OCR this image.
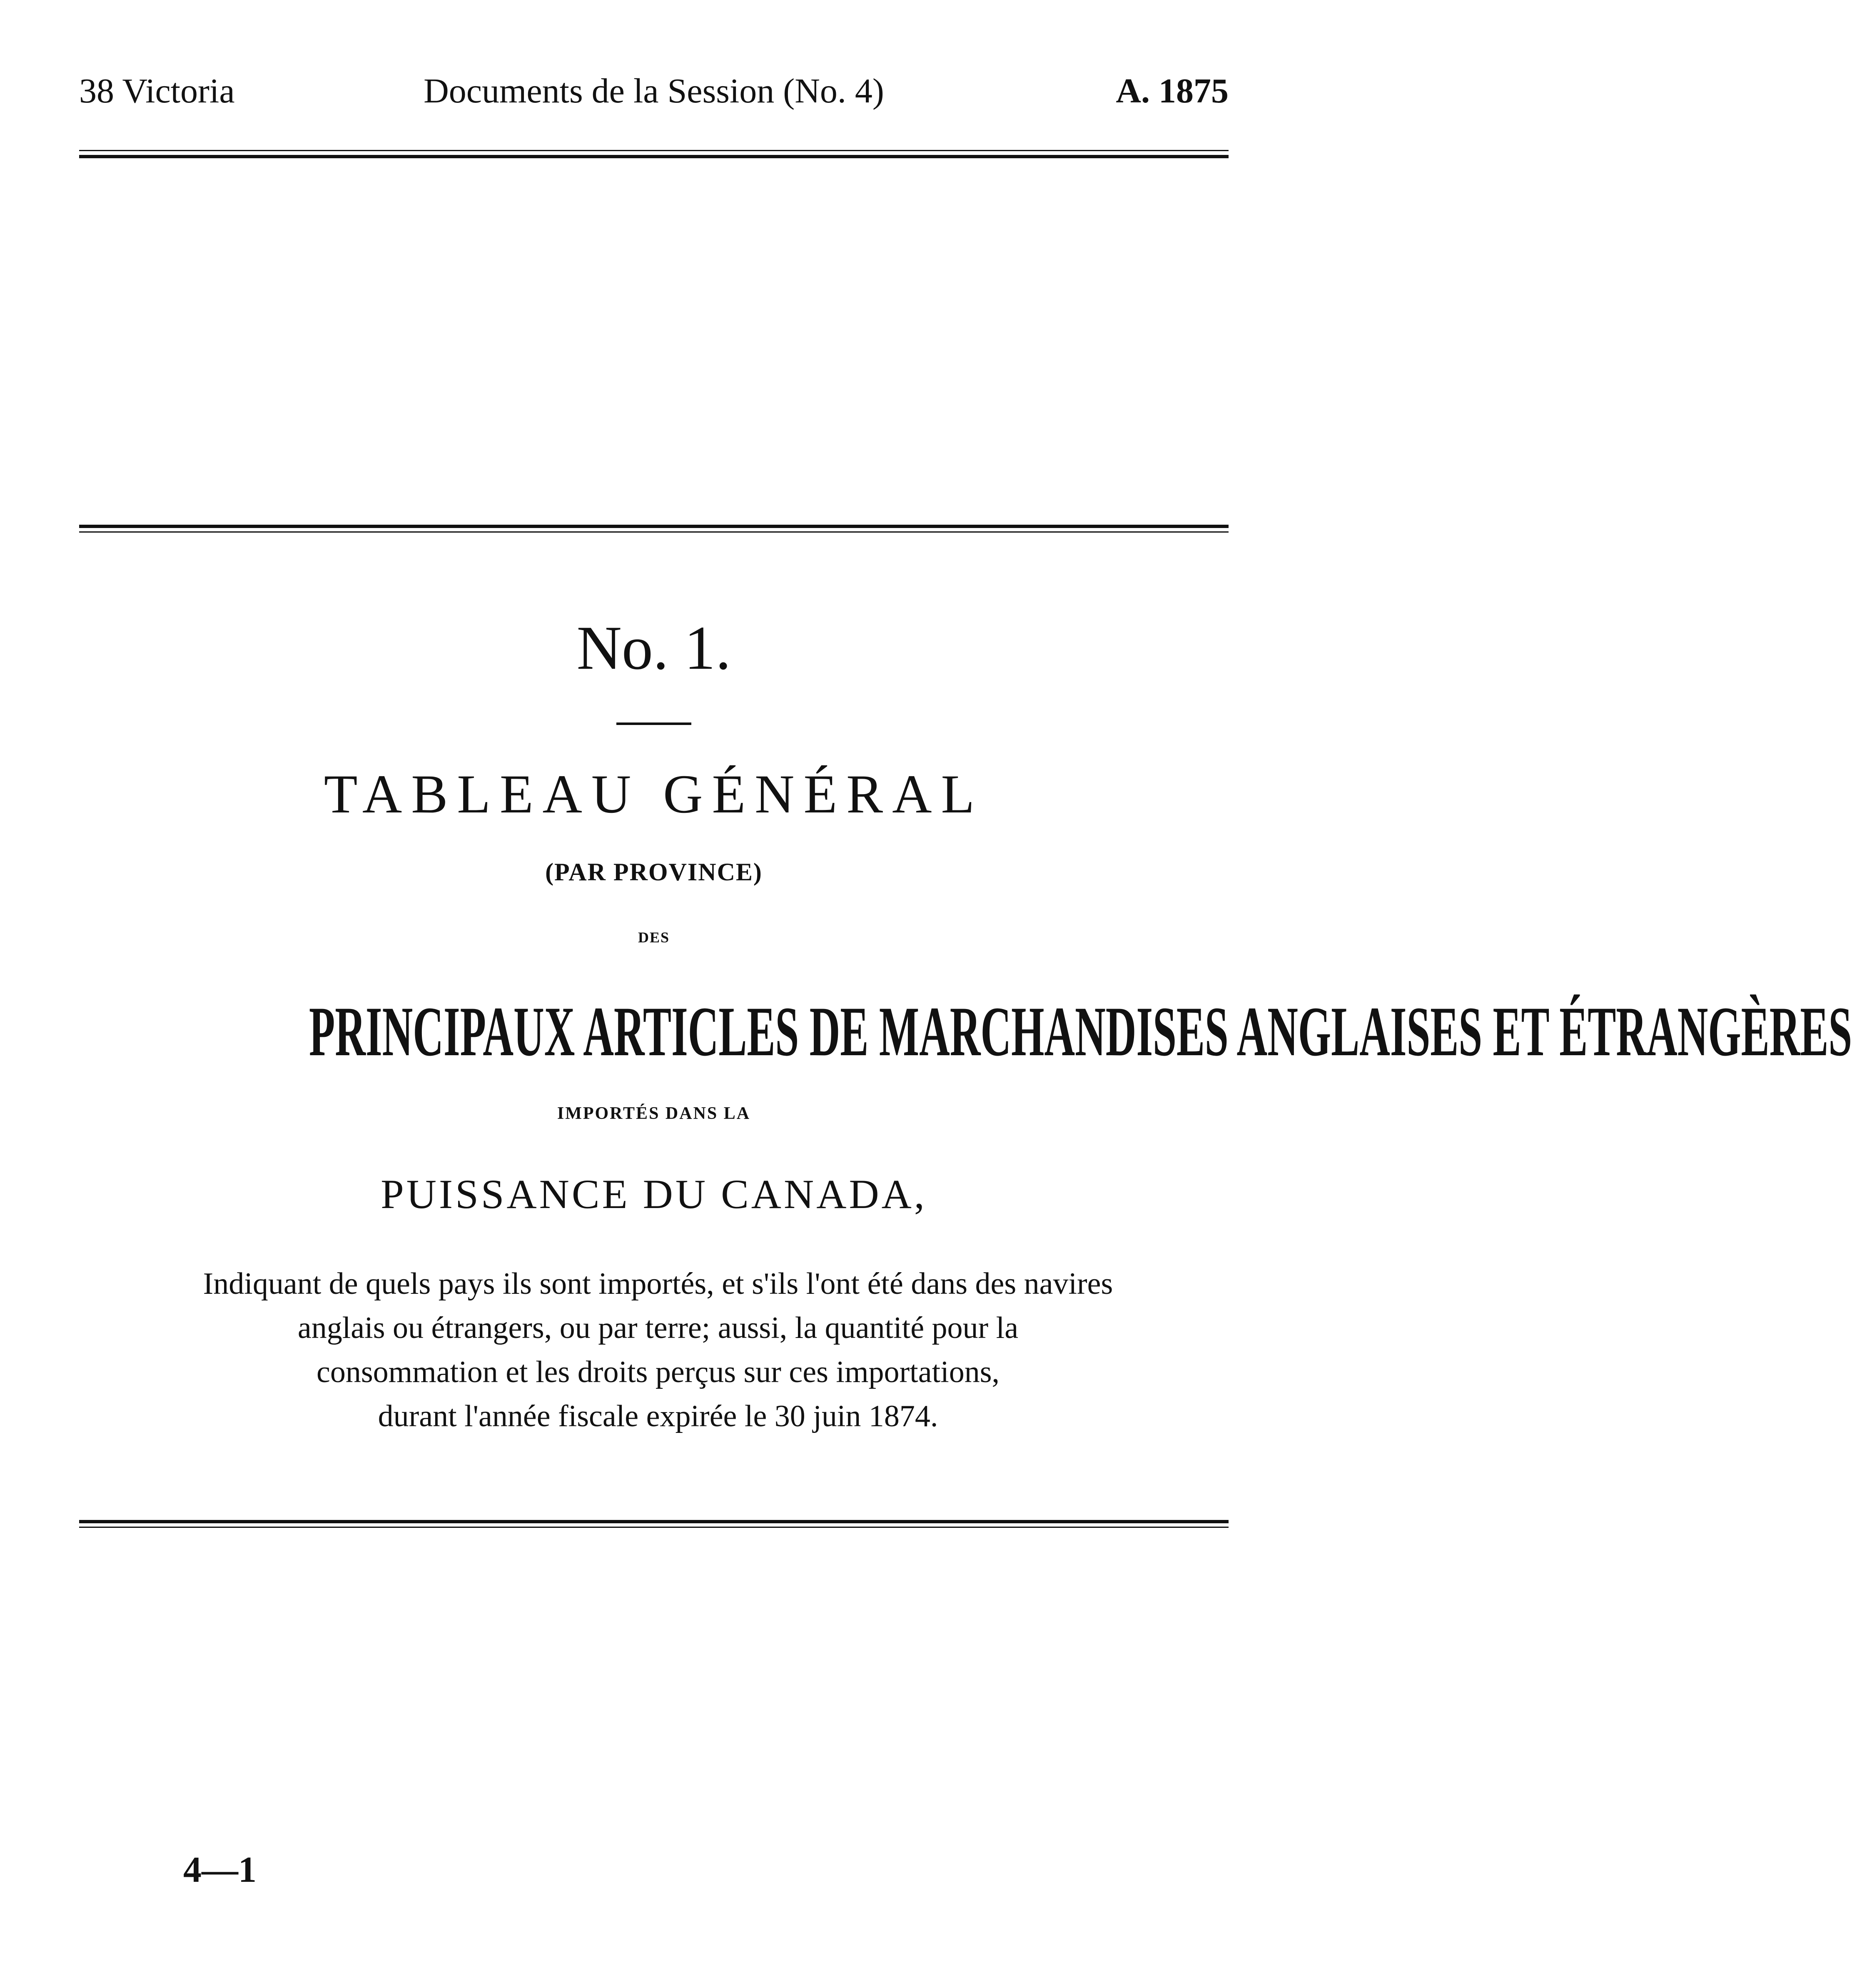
38 Victoria	Documents de la Session (No. 4)	A. 1875
No. 1.
TABLEAU GÉNÉRAL
(PAR PROVINCE)
DES
PRINCIPAUX ARTICLES DE MARCHANDISES ANGLAISES ET ÉTRANGÈRES
IMPORTÉS DANS LA
PUISSANCE DU CANADA,
Indiquant de quels pays ils sont importés, et s'ils l'ont été dans des navires
anglais ou étrangers, ou par terre; aussi, la quantité pour la
consommation et les droits perçus sur ces importations,
durant l'année fiscale expirée le 30 juin 1874.
4—1
